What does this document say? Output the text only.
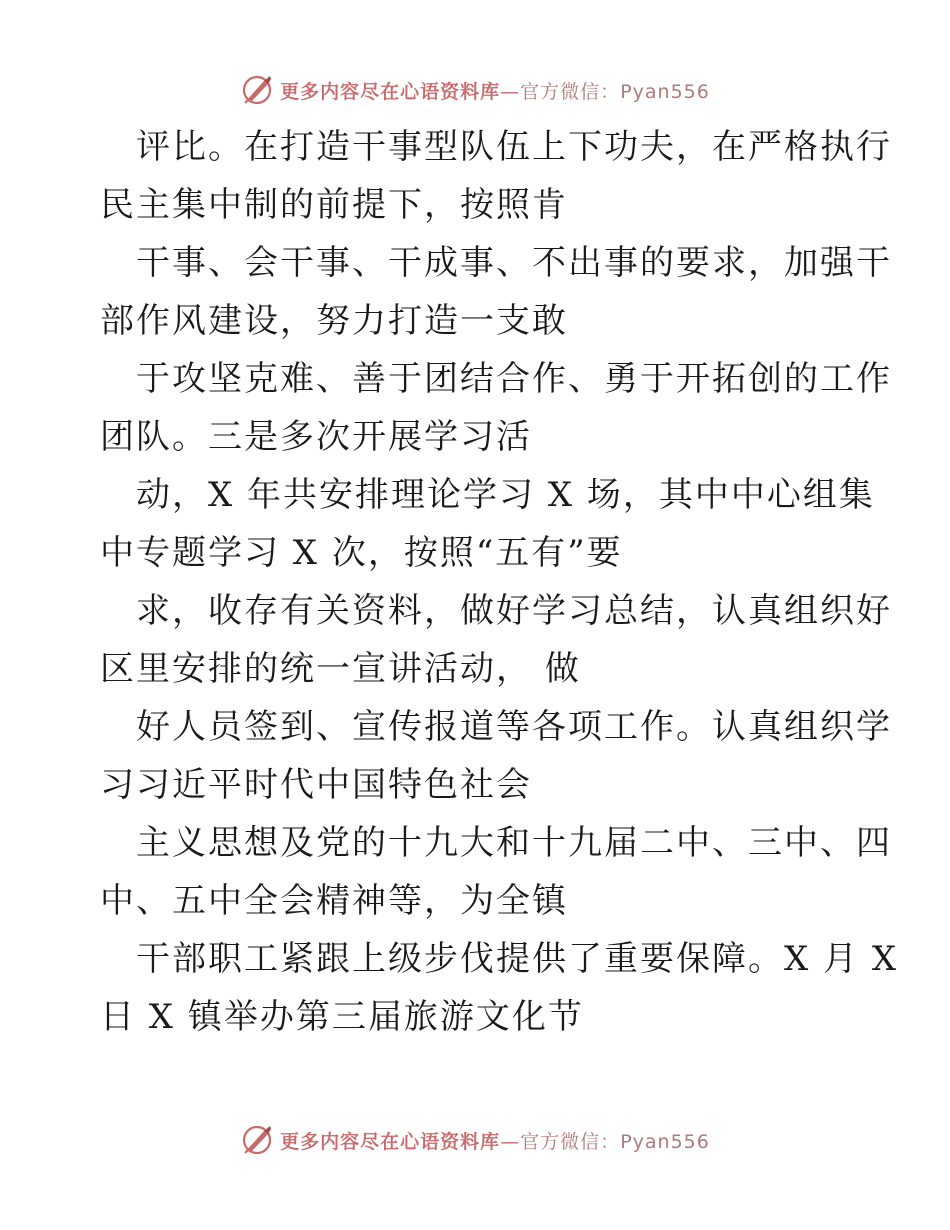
更多内容尽在心语资料库—官方微信：Pyan556
评比。在打造干事型队伍上下功夫，在严格执行
民主集中制的前提下，按照肯
干事、会干事、干成事、不出事的要求，加强干
部作风建设，努力打造一支敢
于攻坚克难、善于团结合作、勇于开拓创的工作
团队。三是多次开展学习活
动，X 年共安排理论学习 X 场，其中中心组集
中专题学习 X 次，按照“五有”要
求，收存有关资料，做好学习总结，认真组织好
区里安排的统一宣讲活动， 做
好人员签到、宣传报道等各项工作。认真组织学
习习近平时代中国特色社会
主义思想及党的十九大和十九届二中、三中、四
中、五中全会精神等，为全镇
干部职工紧跟上级步伐提供了重要保障。X 月 X
日 X 镇举办第三届旅游文化节
更多内容尽在心语资料库—官方微信：Pyan556
